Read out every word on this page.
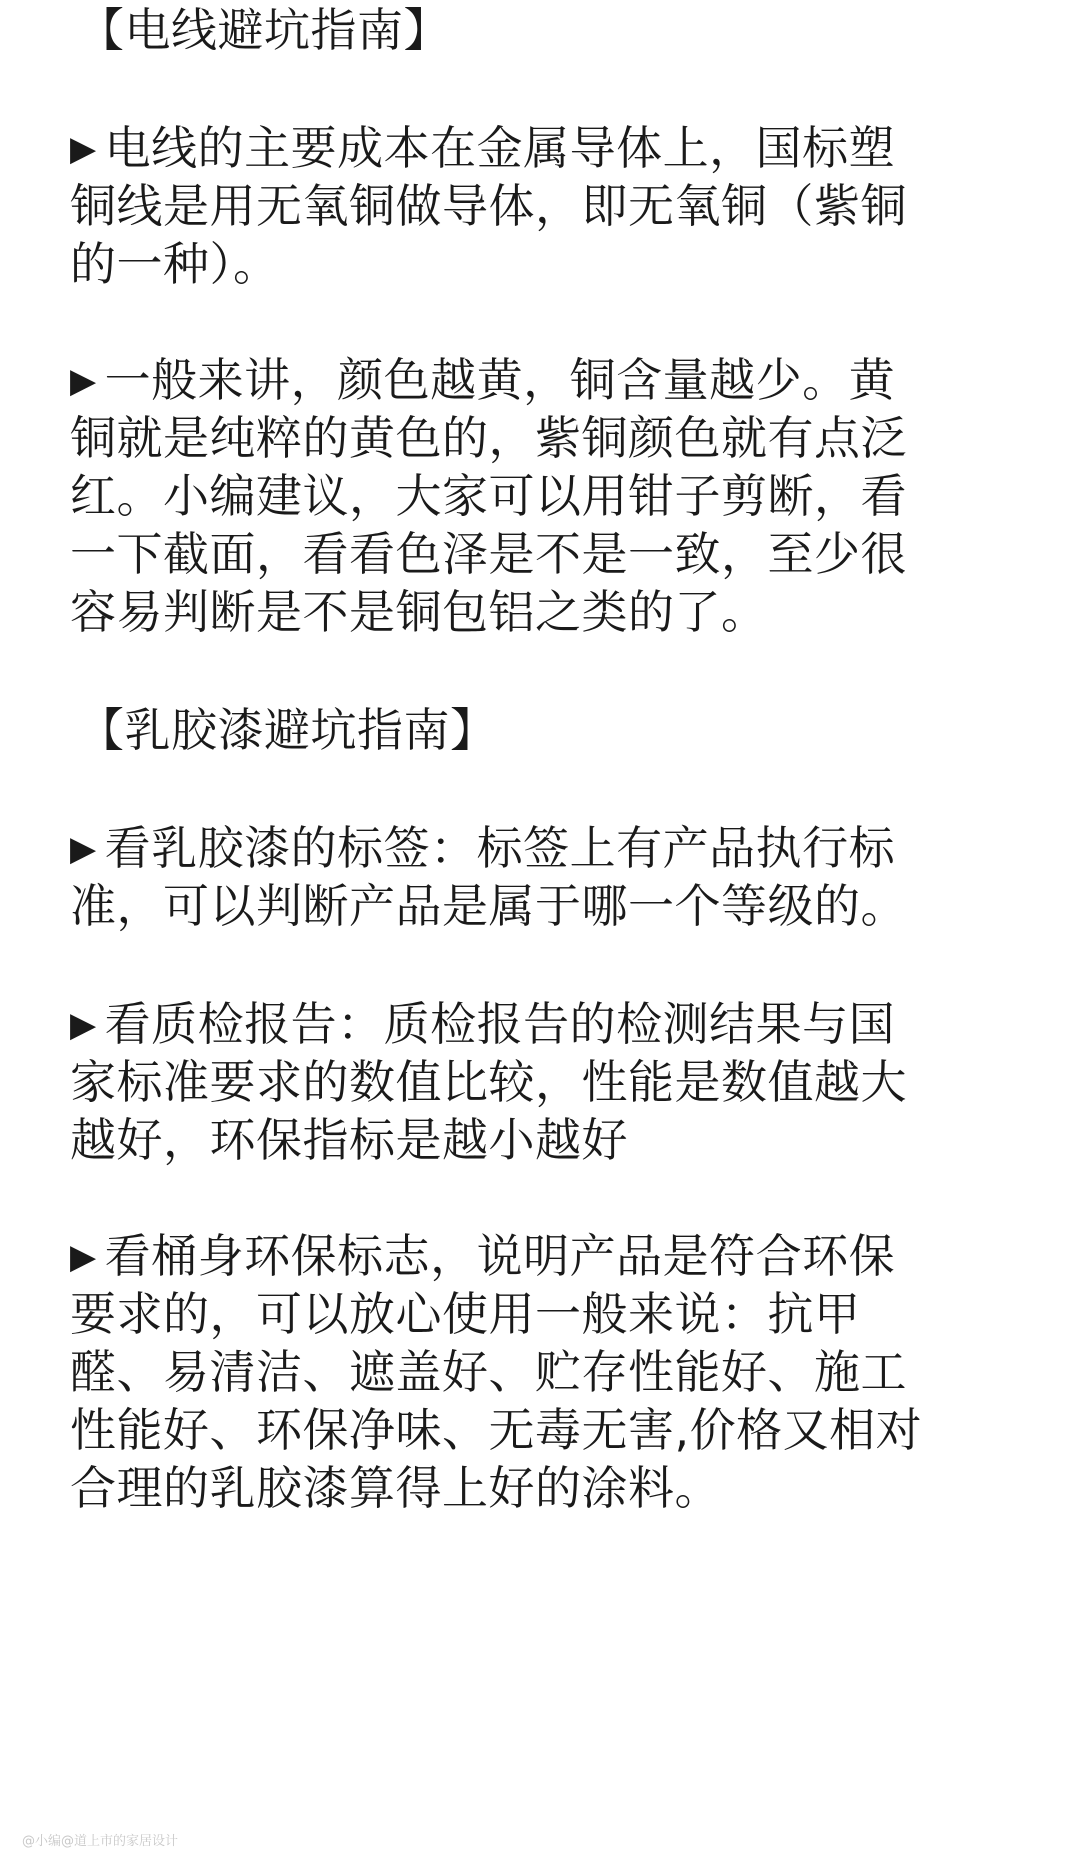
【电线避坑指南】
▶ 电线的主要成本在金属导体上，国标塑
铜线是用无氧铜做导体，即无氧铜（紫铜
的一种）。
▶ 一般来讲，颜色越黄，铜含量越少。黄
铜就是纯粹的黄色的，紫铜颜色就有点泛
红。小编建议，大家可以用钳子剪断，看
一下截面，看看色泽是不是一致，至少很
容易判断是不是铜包铝之类的了。
【乳胶漆避坑指南】
▶ 看乳胶漆的标签：标签上有产品执行标
准，可以判断产品是属于哪一个等级的。
▶ 看质检报告：质检报告的检测结果与国
家标准要求的数值比较，性能是数值越大
越好，环保指标是越小越好
▶ 看桶身环保标志，说明产品是符合环保
要求的，可以放心使用一般来说：抗甲
醛、易清洁、遮盖好、贮存性能好、施工
性能好、环保净味、无毒无害,价格又相对
合理的乳胶漆算得上好的涂料。
@小编@道上市的家居设计
